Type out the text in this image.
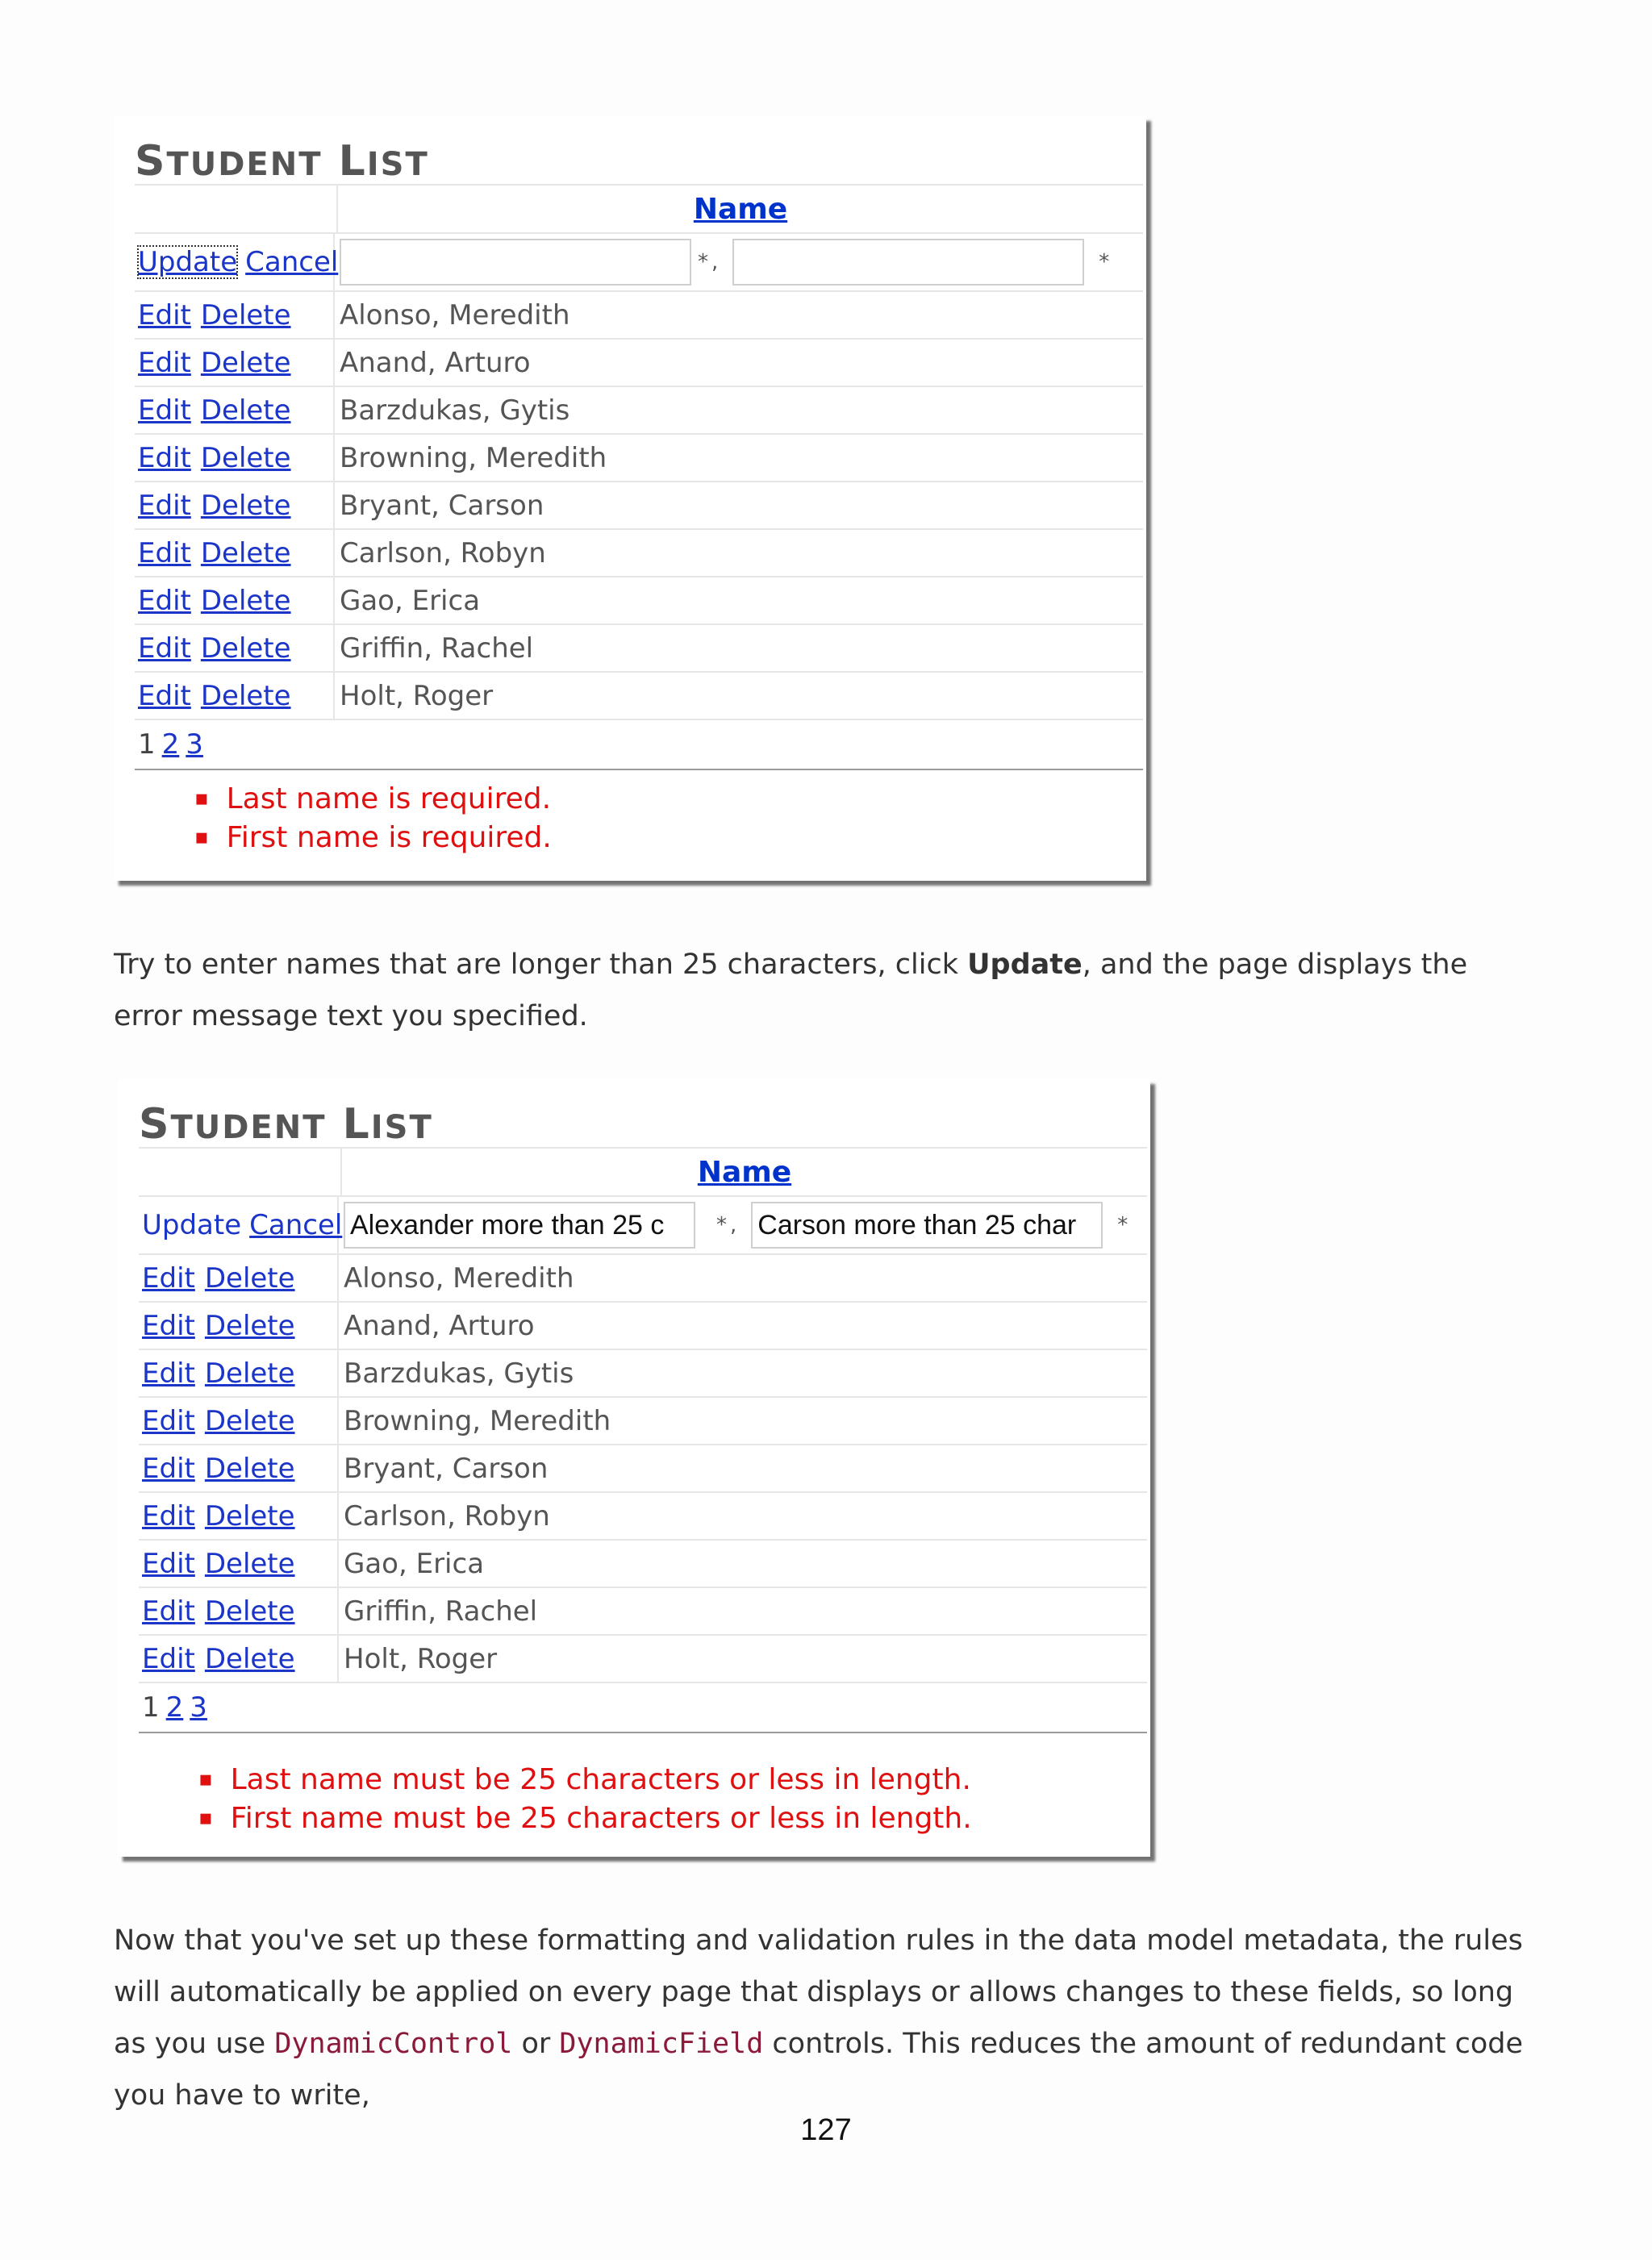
STUDENT LIST
Name
Update Cancel	* ,	*
Edit Delete Alonso, Meredith
Edit Delete Anand, Arturo
Edit Delete Barzdukas, Gytis
Edit Delete Browning, Meredith
Edit Delete Bryant, Carson
Edit Delete Carlson, Robyn
Edit Delete Gao, Erica
Edit Delete Griffin, Rachel
Edit Delete Holt, Roger
1 2 3
▪ Last name is required.
▪ First name is required.
Try to enter names that are longer than 25 characters, click Update, and the page displays the error message text you specified.
STUDENT LIST
Name
Update Cancel Alexander more than 25 c	* , Carson more than 25 char	*
Edit Delete Alonso, Meredith
Edit Delete Anand, Arturo
Edit Delete Barzdukas, Gytis
Edit Delete Browning, Meredith
Edit Delete Bryant, Carson
Edit Delete Carlson, Robyn
Edit Delete Gao, Erica
Edit Delete Griffin, Rachel
Edit Delete Holt, Roger
1 2 3
▪ Last name must be 25 characters or less in length.
▪ First name must be 25 characters or less in length.
Now that you've set up these formatting and validation rules in the data model metadata, the rules will automatically be applied on every page that displays or allows changes to these fields, so long as you use DynamicControl or DynamicField controls. This reduces the amount of redundant code you have to write,
127
